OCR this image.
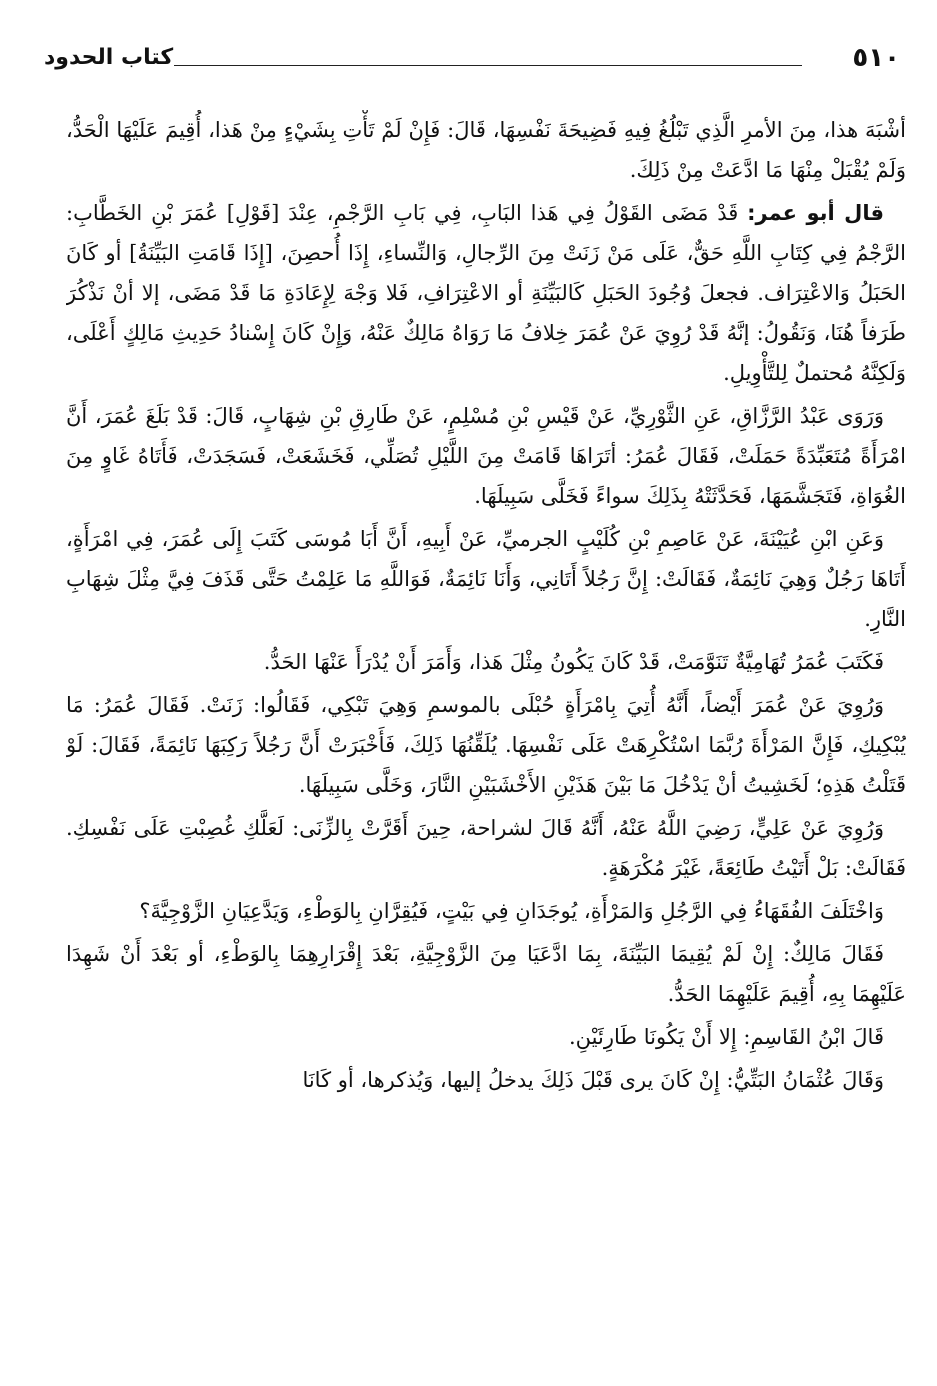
٥١٠
كتاب الحدود

أشْبَهَ هذا، مِنَ الأمرِ الَّذِي تَبْلُغُ فِيهِ فَضِيحَةَ نَفْسِهَا، قَالَ: فَإِنْ لَمْ تَأْتِ بِشَيْءٍ مِنْ هَذا، أُقِيمَ عَلَيْهَا الْحَدُّ، وَلَمْ يُقْبَلْ مِنْهَا مَا ادَّعَتْ مِنْ ذَلِكَ.

قال أبو عمر: قَدْ مَضَى القَوْلُ فِي هَذا البَابِ، فِي بَابِ الرَّجْمِ، عِنْدَ [قَوْلِ] عُمَرَ بْنِ الخَطَّابِ: الرَّجْمُ فِي كِتَابِ اللَّهِ حَقٌّ، عَلَى مَنْ زَنَتْ مِنَ الرِّجالِ، وَالنِّساءِ، إِذَا أُحصِنَ، [إِذَا قَامَتِ البَيِّنَةُ] أو كَانَ الحَبَلُ وَالاعْتِرَاف. فجعلَ وُجُودَ الحَبَلِ كَالبَيِّنَةِ أو الاعْتِرَافِ، فَلا وَجْهَ لِإِعَادَةِ مَا قَدْ مَضَى، إلا أنْ نَذْكُرَ طَرَفاً هُنَا، وَنَقُولُ: إنَّهُ قَدْ رُوِيَ عَنْ عُمَرَ خِلافُ مَا رَوَاهُ مَالِكٌ عَنْهُ، وَإِنْ كَانَ إِسْنادُ حَدِيثِ مَالِكٍ أَعْلَى، وَلَكِنَّهُ مُحتملٌ لِلتَّأْوِيلِ.

وَرَوَى عَبْدُ الرَّزَّاقِ، عَنِ الثَّوْرِيِّ، عَنْ قَيْسِ بْنِ مُسْلِمٍ، عَنْ طَارِقِ بْنِ شِهَابٍ، قَالَ: قَدْ بَلَغَ عُمَرَ، أَنَّ امْرَأَةً مُتَعَبِّدَةً حَمَلَتْ، فَقَالَ عُمَرُ: أتَرَاهَا قَامَتْ مِنَ اللَّيْلِ تُصَلِّي، فَخَشَعَتْ، فَسَجَدَتْ، فَأَتَاهُ غَاوٍ مِنَ الغُوَاةِ، فَتَجَشَّمَهَا، فَحَدَّثَتْهُ بِذَلِكَ سواءً فَخَلَّى سَبِيلَهَا.

وَعَنِ ابْنِ عُيَيْنَةَ، عَنْ عَاصِمِ بْنِ كُلَيْبٍ الجرميِّ، عَنْ أَبِيهِ، أَنَّ أَبَا مُوسَى كَتَبَ إِلَى عُمَرَ، فِي امْرَأَةٍ، أَتَاهَا رَجُلٌ وَهِيَ نَائِمَةٌ، فَقَالَتْ: إِنَّ رَجُلاً أَتَانِي، وَأَنَا نَائِمَةٌ، فَوَاللَّهِ مَا عَلِمْتُ حَتَّى قَذَفَ فِيَّ مِثْلَ شِهَابِ النَّارِ.

فَكَتَبَ عُمَرُ تُهَامِيَّةٌ تَنَوَّمَتْ، قَدْ كَانَ يَكُونُ مِثْلَ هَذا، وَأَمَرَ أَنْ يُدْرَأَ عَنْهَا الحَدُّ.

وَرُوِيَ عَنْ عُمَرَ أَيْضاً، أَنَّهُ أُتِيَ بِامْرَأَةٍ حُبْلَى بالموسمِ وَهِيَ تَبْكِي، فَقَالُوا: زَنَتْ. فَقَالَ عُمَرُ: مَا يُبْكِيكِ، فَإِنَّ المَرْأَةَ رُبَّمَا اسْتُكْرِهَتْ عَلَى نَفْسِهَا. يُلَقِّنُهَا ذَلِكَ، فَأَخْبَرَتْ أَنَّ رَجُلاً رَكِبَهَا نَائِمَةً، فَقَالَ: لَوْ قَتَلْتُ هَذِهِ؛ لَخَشِيتُ أنْ يَدْخُلَ مَا بَيْنَ هَذَيْنِ الأَخْشَبَيْنِ النَّارَ، وَخَلَّى سَبِيلَهَا.

وَرُوِيَ عَنْ عَلِيٍّ، رَضِيَ اللَّهُ عَنْهُ، أَنَّهُ قَالَ لشراحة، حِينَ أَقَرَّتْ بِالزِّنَى: لَعَلَّكِ غُصِبْتِ عَلَى نَفْسِكِ. فَقَالَتْ: بَلْ أَتَيْتُ طَائِعَةً، غَيْرَ مُكْرَهَةٍ.

وَاخْتَلَفَ الفُقَهَاءُ فِي الرَّجُلِ وَالمَرْأَةِ، يُوجَدَانِ فِي بَيْتٍ، فَيُقِرَّانِ بِالوَطْءِ، وَيَدَّعِيَانِ الزَّوْجِيَّةَ؟

فَقَالَ مَالِكٌ: إِنْ لَمْ يُقِيمَا البَيِّنَةَ، بِمَا ادَّعَيَا مِنَ الزَّوْجِيَّةِ، بَعْدَ إِقْرَارِهِمَا بِالوَطْءِ، أو بَعْدَ أَنْ شَهِدَا عَلَيْهِمَا بِهِ، أُقِيمَ عَلَيْهِمَا الحَدُّ.

قَالَ ابْنُ القَاسِمِ: إِلا أَنْ يَكُونَا طَارِئَيْنِ.

وَقَالَ عُثْمَانُ البَتِّيُّ: إِنْ كَانَ يرى قَبْلَ ذَلِكَ يدخلُ إليها، وَيُذكرها، أو كَانَا
